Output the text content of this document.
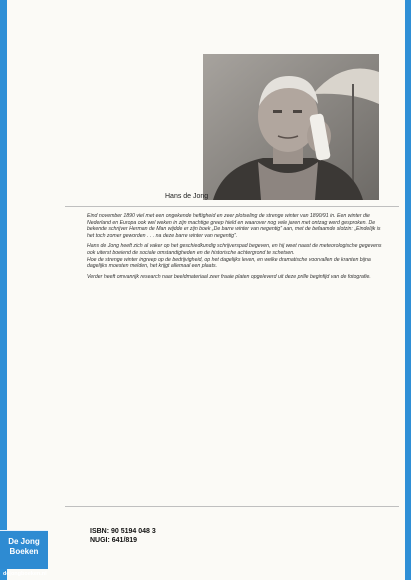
Hans de Jong

Eind november 1890 viel met een ongekende heftigheid en zeer plotseling de strenge winter van 1890/91 in. Een winter die Nederland en Europa ook wel weken in zijn machtige greep hield en waarover nog vele jaren met ontzag werd gesproken. De bekende schrijver Herman de Man wijdde er zijn boek „De barre winter van negentig” aan, met de befaamde slotzin: „Eindelijk is het toch zomer geworden . . . na deze barre winter van negentig”.

Hans de Jong heeft zich al vaker op het geschiedkundig schrijverspad begeven, en hij weet naast de meteorologische gegevens ook uiterst boeiend de sociale omstandigheden en de historische achtergrond te schetsen.

Hoe de strenge winter ingreep op de bedrijvigheid, op het dagelijks leven, en welke dramatische voorvallen de kranten bijna dagelijks moesten melden, het krijgt allemaal een plaats.

Verder heeft omvanrijk research naar beeldmateriaal zeer fraaie platen opgeleverd uit deze prille beginfijd van de fotografie.

ISBN: 90 5194 048 3
NUGI: 641/819
De Jong
Boeken
dejongboeken.nl
